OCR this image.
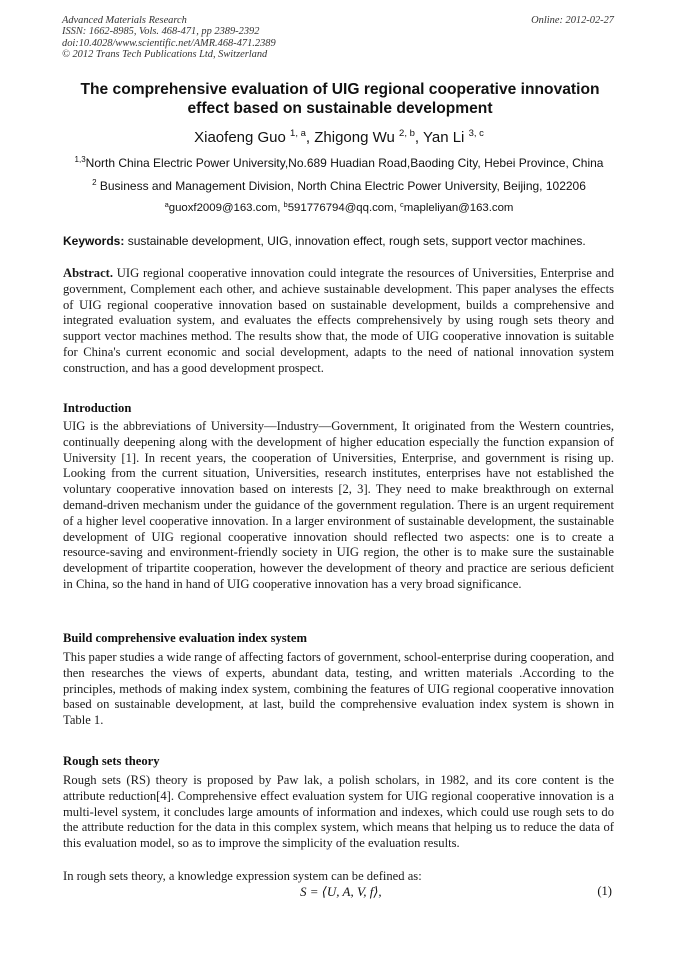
Advanced Materials Research
ISSN: 1662-8985, Vols. 468-471, pp 2389-2392
doi:10.4028/www.scientific.net/AMR.468-471.2389
© 2012 Trans Tech Publications Ltd, Switzerland
Online: 2012-02-27
The comprehensive evaluation of UIG regional cooperative innovation
effect based on sustainable development
Xiaofeng Guo $^{1, a}$, Zhigong Wu $^{2, b}$, Yan Li $^{3, c}$
$^{1,3}$North China Electric Power University,No.689 Huadian Road,Baoding City, Hebei Province, China
$^2$ Business and Management Division, North China Electric Power University, Beijing, 102206
$^a$guoxf2009@163.com, $^b$591776794@qq.com, $^c$mapleliyan@163.com
Keywords: sustainable development, UIG, innovation effect, rough sets, support vector machines.
Abstract. UIG regional cooperative innovation could integrate the resources of Universities, Enterprise and government, Complement each other, and achieve sustainable development. This paper analyses the effects of UIG regional cooperative innovation based on sustainable development, builds a comprehensive and integrated evaluation system, and evaluates the effects comprehensively by using rough sets theory and support vector machines method. The results show that, the mode of UIG cooperative innovation is suitable for China's current economic and social development, adapts to the need of national innovation system construction, and has a good development prospect.
Introduction
UIG is the abbreviations of University—Industry—Government, It originated from the Western countries, continually deepening along with the development of higher education especially the function expansion of University [1]. In recent years, the cooperation of Universities, Enterprise, and government is rising up. Looking from the current situation, Universities, research institutes, enterprises have not established the voluntary cooperative innovation based on interests [2, 3]. They need to make breakthrough on external demand-driven mechanism under the guidance of the government regulation. There is an urgent requirement of a higher level cooperative innovation. In a larger environment of sustainable development, the sustainable development of UIG regional cooperative innovation should reflected two aspects: one is to create a resource-saving and environment-friendly society in UIG region, the other is to make sure the sustainable development of tripartite cooperation, however the development of theory and practice are serious deficient in China, so the hand in hand of UIG cooperative innovation has a very broad significance.
Build comprehensive evaluation index system
This paper studies a wide range of affecting factors of government, school-enterprise during cooperation, and then researches the views of experts, abundant data, testing, and written materials .According to the principles, methods of making index system, combining the features of UIG regional cooperative innovation based on sustainable development, at last, build the comprehensive evaluation index system is shown in Table 1.
Rough sets theory
Rough sets (RS) theory is proposed by Paw lak, a polish scholars, in 1982, and its core content is the attribute reduction[4]. Comprehensive effect evaluation system for UIG regional cooperative innovation is a multi-level system, it concludes large amounts of information and indexes, which could use rough sets to do the attribute reduction for the data in this complex system, which means that helping us to reduce the data of this evaluation model, so as to improve the simplicity of the evaluation results.
In rough sets theory, a knowledge expression system can be defined as:
S = ⟨U, A, V, f⟩,	(1)
